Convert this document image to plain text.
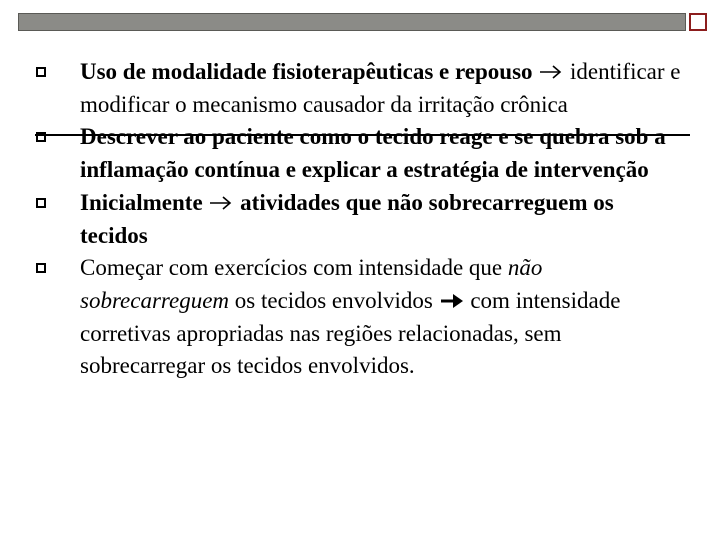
Uso de modalidade fisioterapêuticas e repouso
identificar e modificar o mecanismo causador da irritação crônica
Descrever ao paciente como o tecido reage e se quebra sob a inflamação contínua e explicar a estratégia de intervenção
Inicialmente
atividades que não sobrecarreguem os tecidos
Começar com exercícios com intensidade que não sobrecarreguem os tecidos envolvidos
com intensidade corretivas apropriadas nas regiões relacionadas, sem sobrecarregar os tecidos envolvidos.
